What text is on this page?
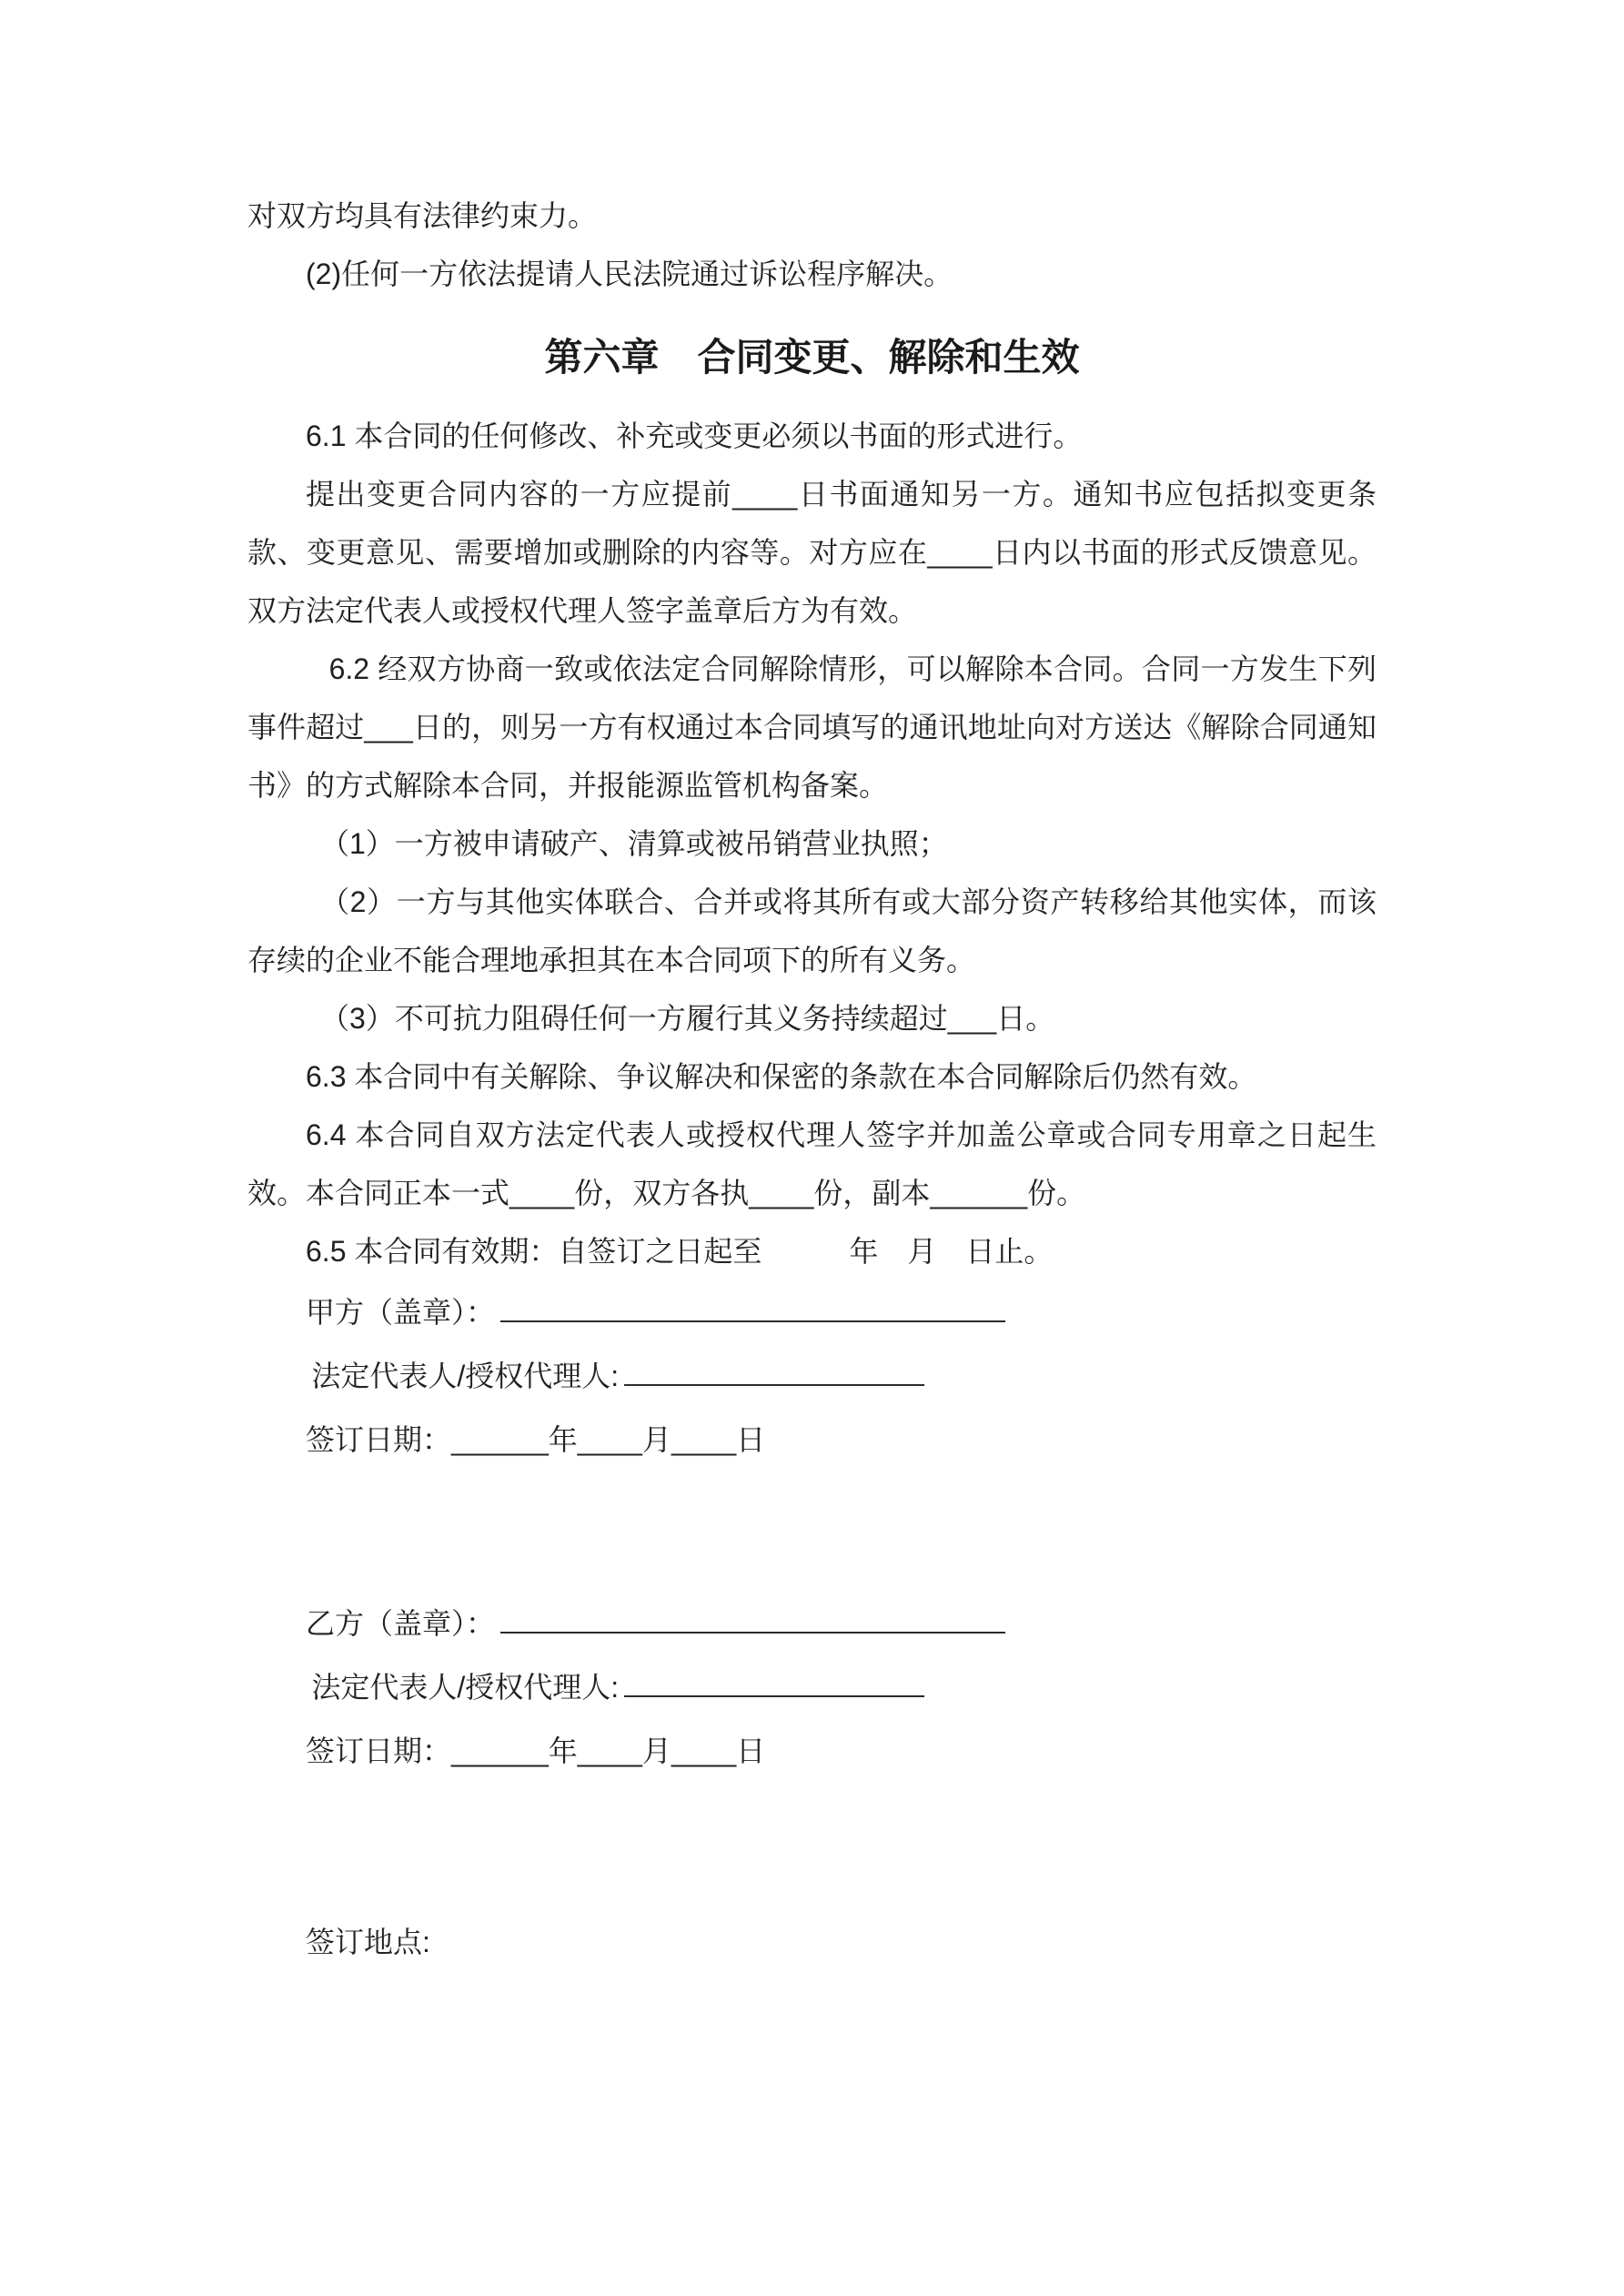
对双方均具有法律约束力。

(2)任何一方依法提请人民法院通过诉讼程序解决。

第六章　合同变更、解除和生效

6.1 本合同的任何修改、补充或变更必须以书面的形式进行。

提出变更合同内容的一方应提前____日书面通知另一方。通知书应包括拟变更条款、变更意见、需要增加或删除的内容等。对方应在____日内以书面的形式反馈意见。双方法定代表人或授权代理人签字盖章后方为有效。

6.2 经双方协商一致或依法定合同解除情形，可以解除本合同。合同一方发生下列事件超过___日的，则另一方有权通过本合同填写的通讯地址向对方送达《解除合同通知书》的方式解除本合同，并报能源监管机构备案。

（1）一方被申请破产、清算或被吊销营业执照；

（2）一方与其他实体联合、合并或将其所有或大部分资产转移给其他实体，而该存续的企业不能合理地承担其在本合同项下的所有义务。

（3）不可抗力阻碍任何一方履行其义务持续超过___日。

6.3 本合同中有关解除、争议解决和保密的条款在本合同解除后仍然有效。

6.4 本合同自双方法定代表人或授权代理人签字并加盖公章或合同专用章之日起生效。本合同正本一式____份，双方各执____份，副本______份。

6.5 本合同有效期：自签订之日起至　　　年　月　日止。

甲方（盖章）：

法定代表人/授权代理人:

签订日期：______年____月____日

乙方（盖章）：

法定代表人/授权代理人:

签订日期：______年____月____日

签订地点:
